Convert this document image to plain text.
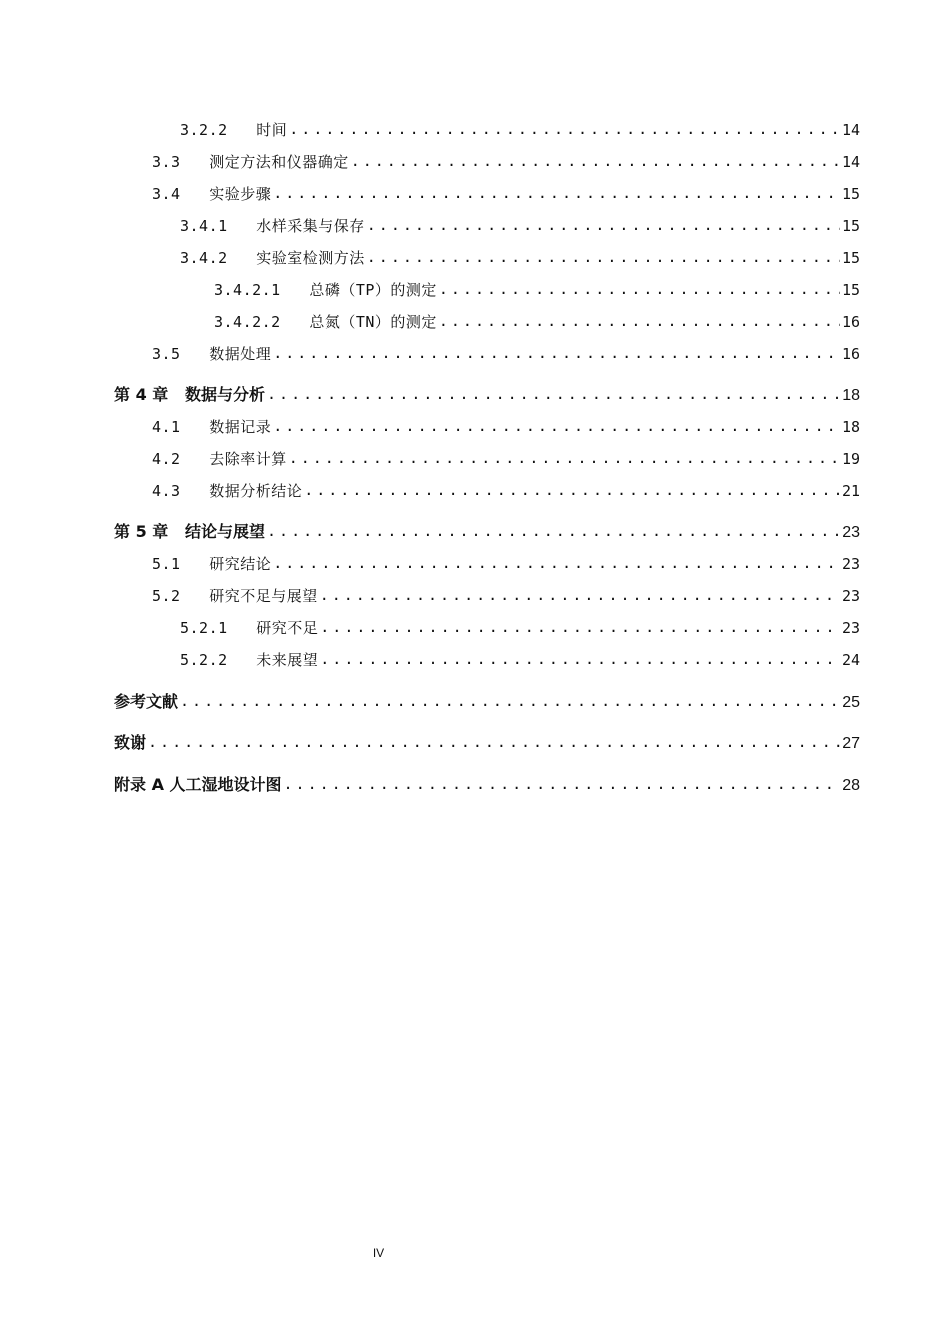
3.2.2 时间 .....	14
3.3 测定方法和仪器确定 .....	14
3.4 实验步骤 .....	15
3.4.1 水样采集与保存 .....	15
3.4.2 实验室检测方法 .....	15
3.4.2.1 总磷（TP）的测定 .....	15
3.4.2.2 总氮（TN）的测定 .....	16
3.5 数据处理 .....	16
第 4 章 数据与分析 .....	18
4.1 数据记录 .....	18
4.2 去除率计算 .....	19
4.3 数据分析结论 .....	21
第 5 章 结论与展望 .....	23
5.1 研究结论 .....	23
5.2 研究不足与展望 .....	23
5.2.1 研究不足 .....	23
5.2.2 未来展望 .....	24
参考文献 .....	25
致谢 .....	27
附录 A 人工湿地设计图 .....	28
IV
